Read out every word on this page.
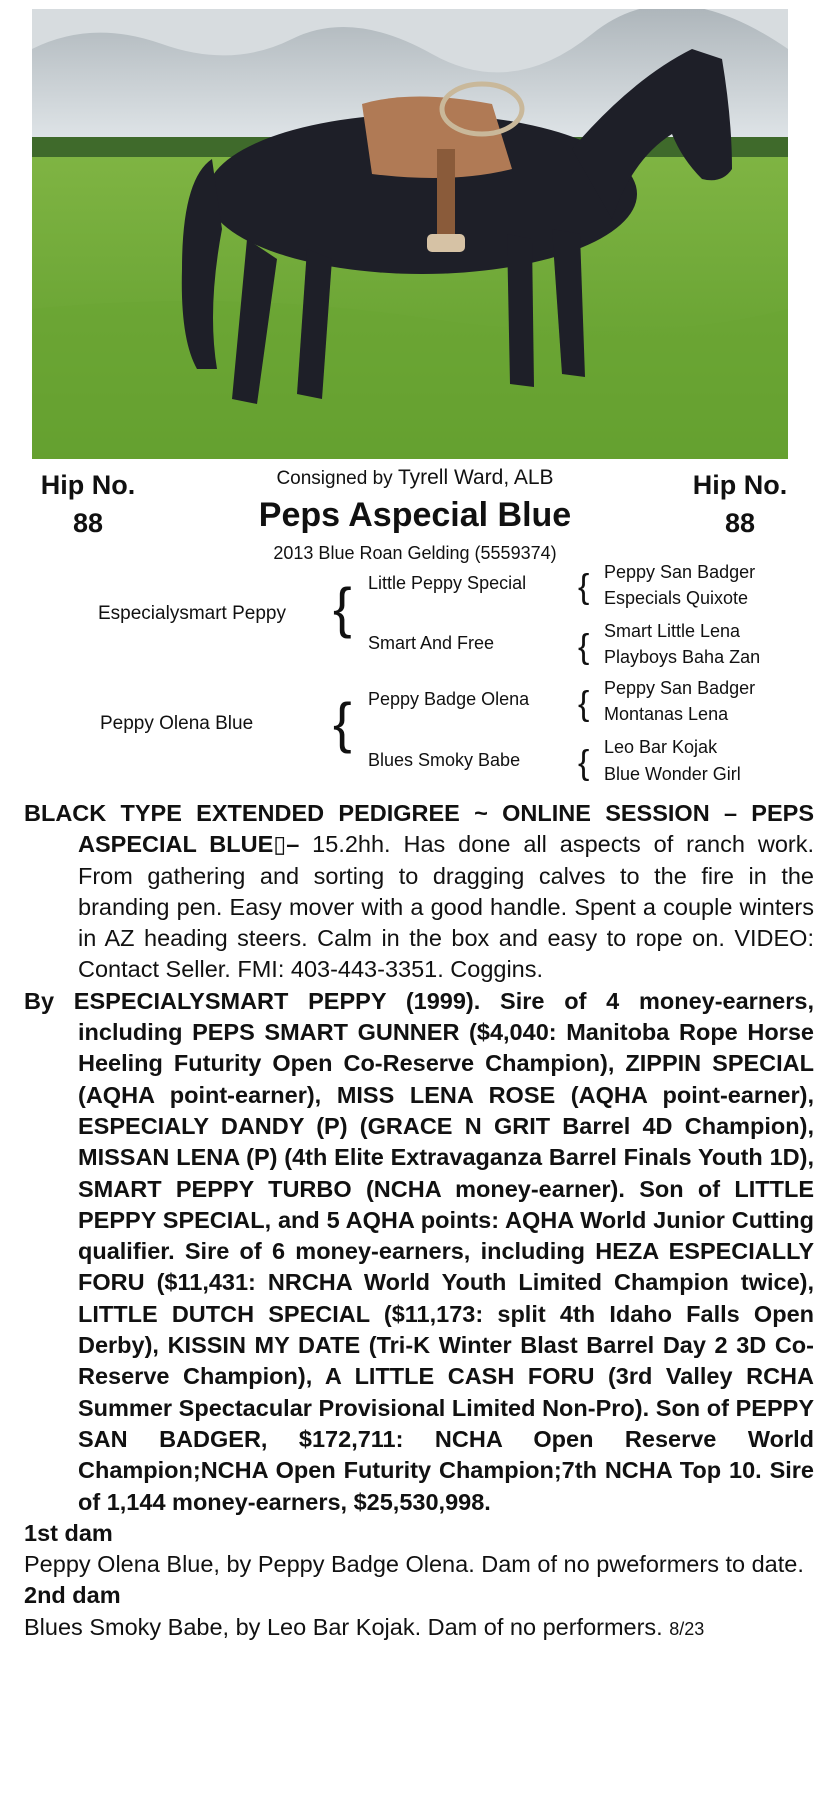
Hip No.
88
Hip No.
88
Consigned by Tyrell Ward, ALB
Peps Aspecial Blue
2013 Blue Roan Gelding (5559374)
Especialysmart Peppy {
Peppy Olena Blue {
Little Peppy Special
Smart And Free
Peppy Badge Olena
Blues Smoky Babe
{ Peppy San Badger
Especials Quixote
{ Smart Little Lena
Playboys Baha Zan
{ Peppy San Badger
Montanas Lena
{ Leo Bar Kojak
Blue Wonder Girl

BLACK TYPE EXTENDED PEDIGREE ~ ONLINE SESSION – PEPS ASPECIAL BLUE▯– 15.2hh. Has done all aspects of ranch work. From gathering and sorting to dragging calves to the fire in the branding pen. Easy mover with a good handle. Spent a couple winters in AZ heading steers. Calm in the box and easy to rope on. VIDEO: Contact Seller. FMI: 403-443-3351. Coggins.

By ESPECIALYSMART PEPPY (1999). Sire of 4 money-earners, including PEPS SMART GUNNER ($4,040: Manitoba Rope Horse Heeling Futurity Open Co-Reserve Champion), ZIPPIN SPECIAL (AQHA point-earner), MISS LENA ROSE (AQHA point-earner), ESPECIALY DANDY (P) (GRACE N GRIT Barrel 4D Champion), MISSAN LENA (P) (4th Elite Extravaganza Barrel Finals Youth 1D), SMART PEPPY TURBO (NCHA money-earner). Son of LITTLE PEPPY SPECIAL, and 5 AQHA points: AQHA World Junior Cutting qualifier. Sire of 6 money-earners, including HEZA ESPECIALLY FORU ($11,431: NRCHA World Youth Limited Champion twice), LITTLE DUTCH SPECIAL ($11,173: split 4th Idaho Falls Open Derby), KISSIN MY DATE (Tri-K Winter Blast Barrel Day 2 3D Co-Reserve Champion), A LITTLE CASH FORU (3rd Valley RCHA Summer Spectacular Provisional Limited Non-Pro). Son of PEPPY SAN BADGER, $172,711: NCHA Open Reserve World Champion;NCHA Open Futurity Champion;7th NCHA Top 10. Sire of 1,144 money-earners, $25,530,998.

1st dam

Peppy Olena Blue, by Peppy Badge Olena. Dam of no pweformers to date.

2nd dam

Blues Smoky Babe, by Leo Bar Kojak. Dam of no performers. 8/23
